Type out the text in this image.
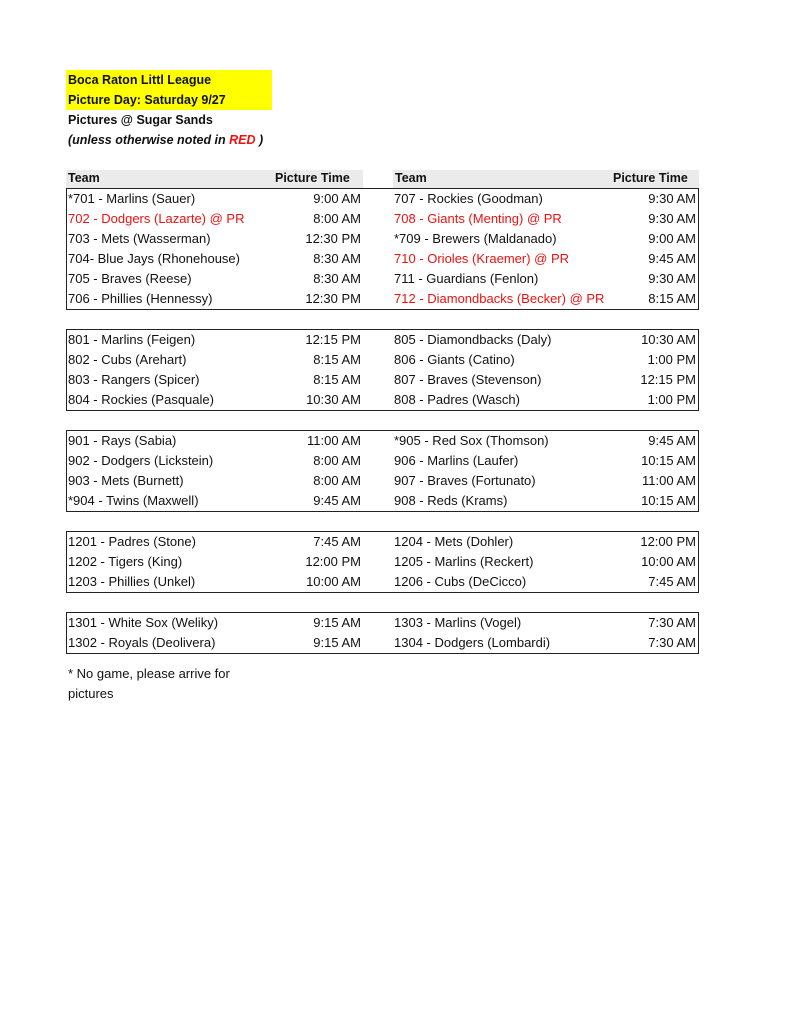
Boca Raton Littl League
Picture Day: Saturday 9/27
Pictures @ Sugar Sands
(unless otherwise noted in RED )
Team	Picture Time	Team	Picture Time
*701 - Marlins (Sauer)	9:00 AM	707 - Rockies (Goodman)	9:30 AM
702 - Dodgers (Lazarte) @ PR	8:00 AM	708 - Giants (Menting) @ PR	9:30 AM
703 - Mets (Wasserman)	12:30 PM	*709 - Brewers (Maldanado)	9:00 AM
704- Blue Jays (Rhonehouse)	8:30 AM	710 - Orioles (Kraemer) @ PR	9:45 AM
705 - Braves (Reese)	8:30 AM	711 - Guardians (Fenlon)	9:30 AM
706 - Phillies (Hennessy)	12:30 PM	712 - Diamondbacks (Becker) @ PR	8:15 AM
801 - Marlins (Feigen)	12:15 PM	805 - Diamondbacks (Daly)	10:30 AM
802 - Cubs (Arehart)	8:15 AM	806 - Giants (Catino)	1:00 PM
803 - Rangers (Spicer)	8:15 AM	807 - Braves (Stevenson)	12:15 PM
804 - Rockies (Pasquale)	10:30 AM	808 - Padres (Wasch)	1:00 PM
901 - Rays (Sabia)	11:00 AM	*905 - Red Sox (Thomson)	9:45 AM
902 - Dodgers (Lickstein)	8:00 AM	906 - Marlins (Laufer)	10:15 AM
903 - Mets (Burnett)	8:00 AM	907 - Braves (Fortunato)	11:00 AM
*904 - Twins (Maxwell)	9:45 AM	908 - Reds (Krams)	10:15 AM
1201 - Padres (Stone)	7:45 AM	1204 - Mets (Dohler)	12:00 PM
1202 - Tigers (King)	12:00 PM	1205 - Marlins (Reckert)	10:00 AM
1203 - Phillies (Unkel)	10:00 AM	1206 - Cubs (DeCicco)	7:45 AM
1301 - White Sox (Weliky)	9:15 AM	1303 - Marlins (Vogel)	7:30 AM
1302 - Royals (Deolivera)	9:15 AM	1304 - Dodgers (Lombardi)	7:30 AM
* No game, please arrive for pictures
